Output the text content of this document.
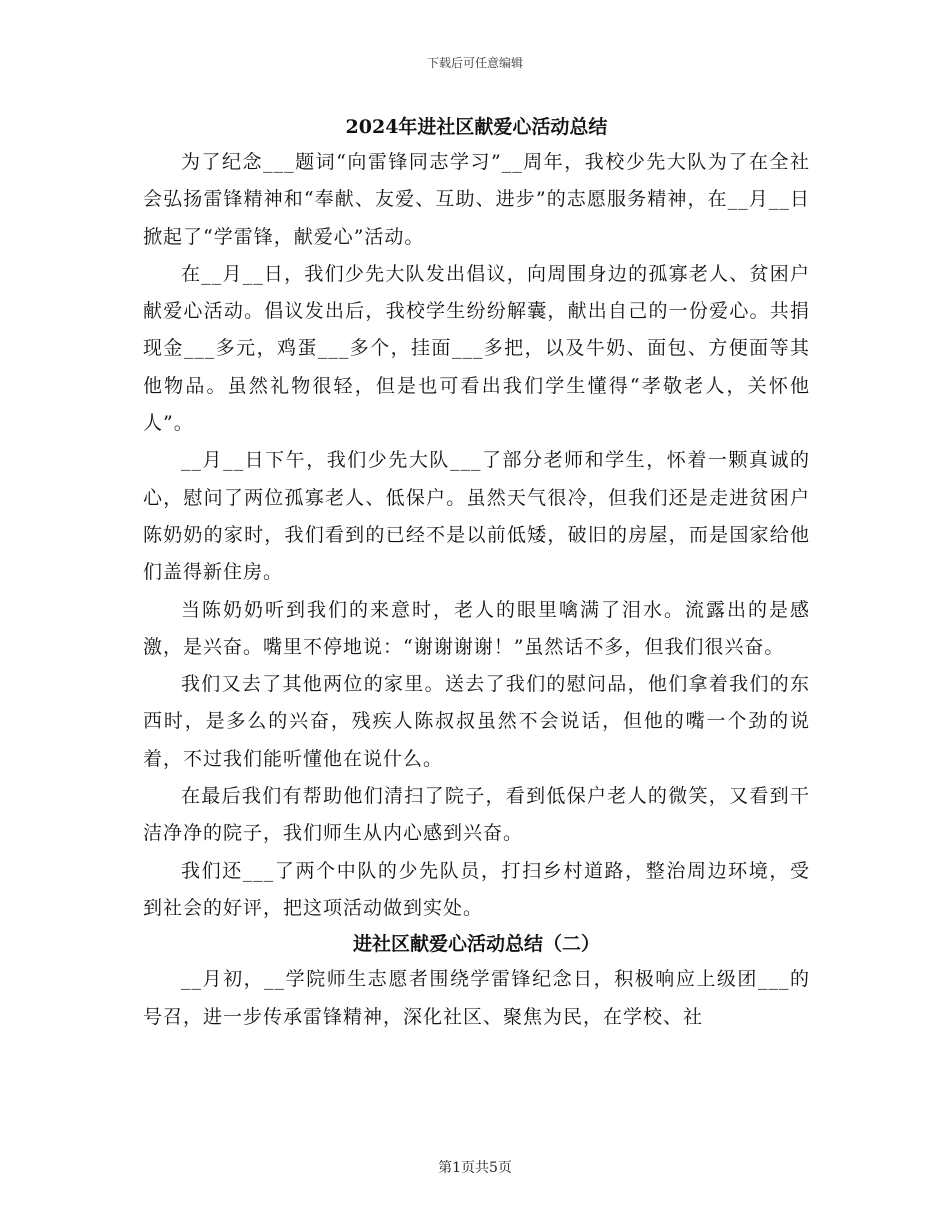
下载后可任意编辑
2024年进社区献爱心活动总结

为了纪念___题词“向雷锋同志学习”__周年，我校少先大队为了在全社会弘扬雷锋精神和“奉献、友爱、互助、进步”的志愿服务精神，在__月__日掀起了“学雷锋，献爱心”活动。

在__月__日，我们少先大队发出倡议，向周围身边的孤寡老人、贫困户献爱心活动。倡议发出后，我校学生纷纷解囊，献出自己的一份爱心。共捐现金___多元，鸡蛋___多个，挂面___多把，以及牛奶、面包、方便面等其他物品。虽然礼物很轻，但是也可看出我们学生懂得“孝敬老人，关怀他人”。

__月__日下午，我们少先大队___了部分老师和学生，怀着一颗真诚的心，慰问了两位孤寡老人、低保户。虽然天气很冷，但我们还是走进贫困户陈奶奶的家时，我们看到的已经不是以前低矮，破旧的房屋，而是国家给他们盖得新住房。

当陈奶奶听到我们的来意时，老人的眼里噙满了泪水。流露出的是感激，是兴奋。嘴里不停地说：“谢谢谢谢！”虽然话不多，但我们很兴奋。

我们又去了其他两位的家里。送去了我们的慰问品，他们拿着我们的东西时，是多么的兴奋，残疾人陈叔叔虽然不会说话，但他的嘴一个劲的说着，不过我们能听懂他在说什么。

在最后我们有帮助他们清扫了院子，看到低保户老人的微笑，又看到干洁净净的院子，我们师生从内心感到兴奋。

我们还___了两个中队的少先队员，打扫乡村道路，整治周边环境，受到社会的好评，把这项活动做到实处。

进社区献爱心活动总结（二）

__月初，__学院师生志愿者围绕学雷锋纪念日，积极响应上级团___的号召，进一步传承雷锋精神，深化社区、聚焦为民，在学校、社

第1页共5页
